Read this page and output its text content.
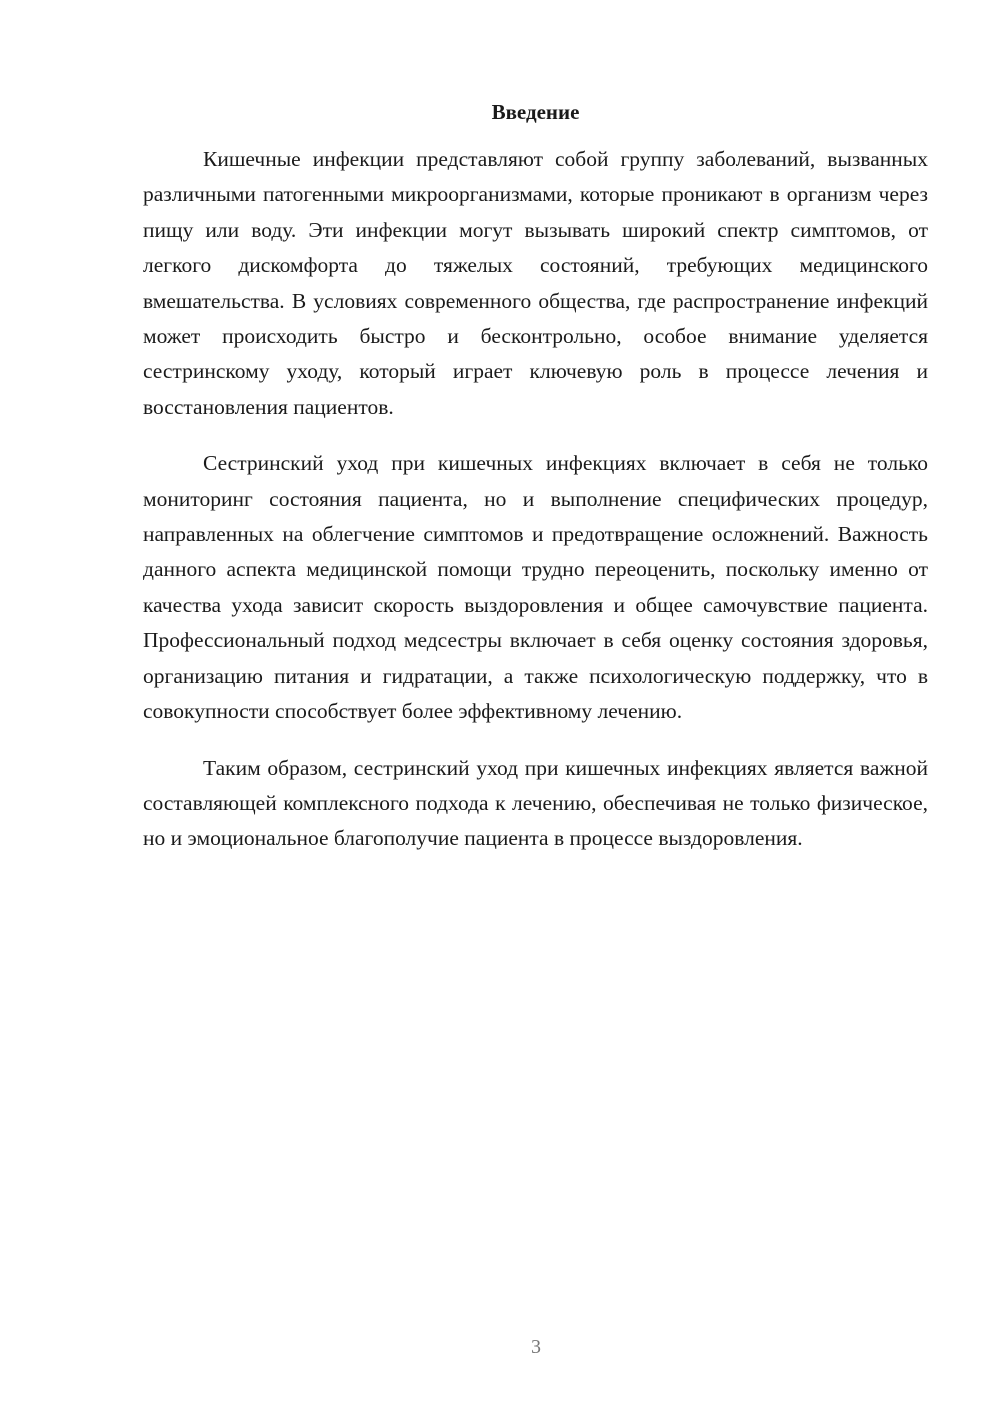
Введение

Кишечные инфекции представляют собой группу заболеваний, вызванных различными патогенными микроорганизмами, которые проникают в организм через пищу или воду. Эти инфекции могут вызывать широкий спектр симптомов, от легкого дискомфорта до тяжелых состояний, требующих медицинского вмешательства. В условиях современного общества, где распространение инфекций может происходить быстро и бесконтрольно, особое внимание уделяется сестринскому уходу, который играет ключевую роль в процессе лечения и восстановления пациентов.

Сестринский уход при кишечных инфекциях включает в себя не только мониторинг состояния пациента, но и выполнение специфических процедур, направленных на облегчение симптомов и предотвращение осложнений. Важность данного аспекта медицинской помощи трудно переоценить, поскольку именно от качества ухода зависит скорость выздоровления и общее самочувствие пациента. Профессиональный подход медсестры включает в себя оценку состояния здоровья, организацию питания и гидратации, а также психологическую поддержку, что в совокупности способствует более эффективному лечению.

Таким образом, сестринский уход при кишечных инфекциях является важной составляющей комплексного подхода к лечению, обеспечивая не только физическое, но и эмоциональное благополучие пациента в процессе выздоровления.

3
